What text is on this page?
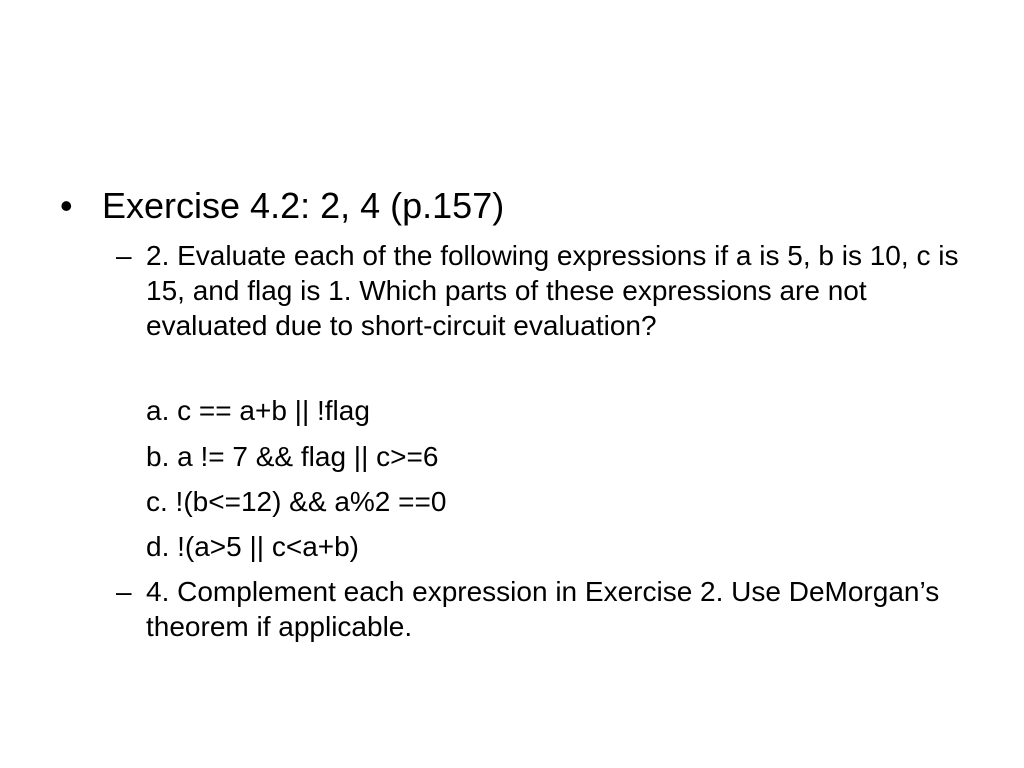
• Exercise 4.2: 2, 4 (p.157)
– 2. Evaluate each of the following expressions if a is 5, b is 10, c is 15, and flag is 1. Which parts of these expressions are not evaluated due to short-circuit evaluation?
a. c == a+b || !flag
b. a != 7 && flag || c>=6
c. !(b<=12) && a%2 ==0
d. !(a>5 || c<a+b)
– 4. Complement each expression in Exercise 2. Use DeMorgan’s theorem if applicable.
